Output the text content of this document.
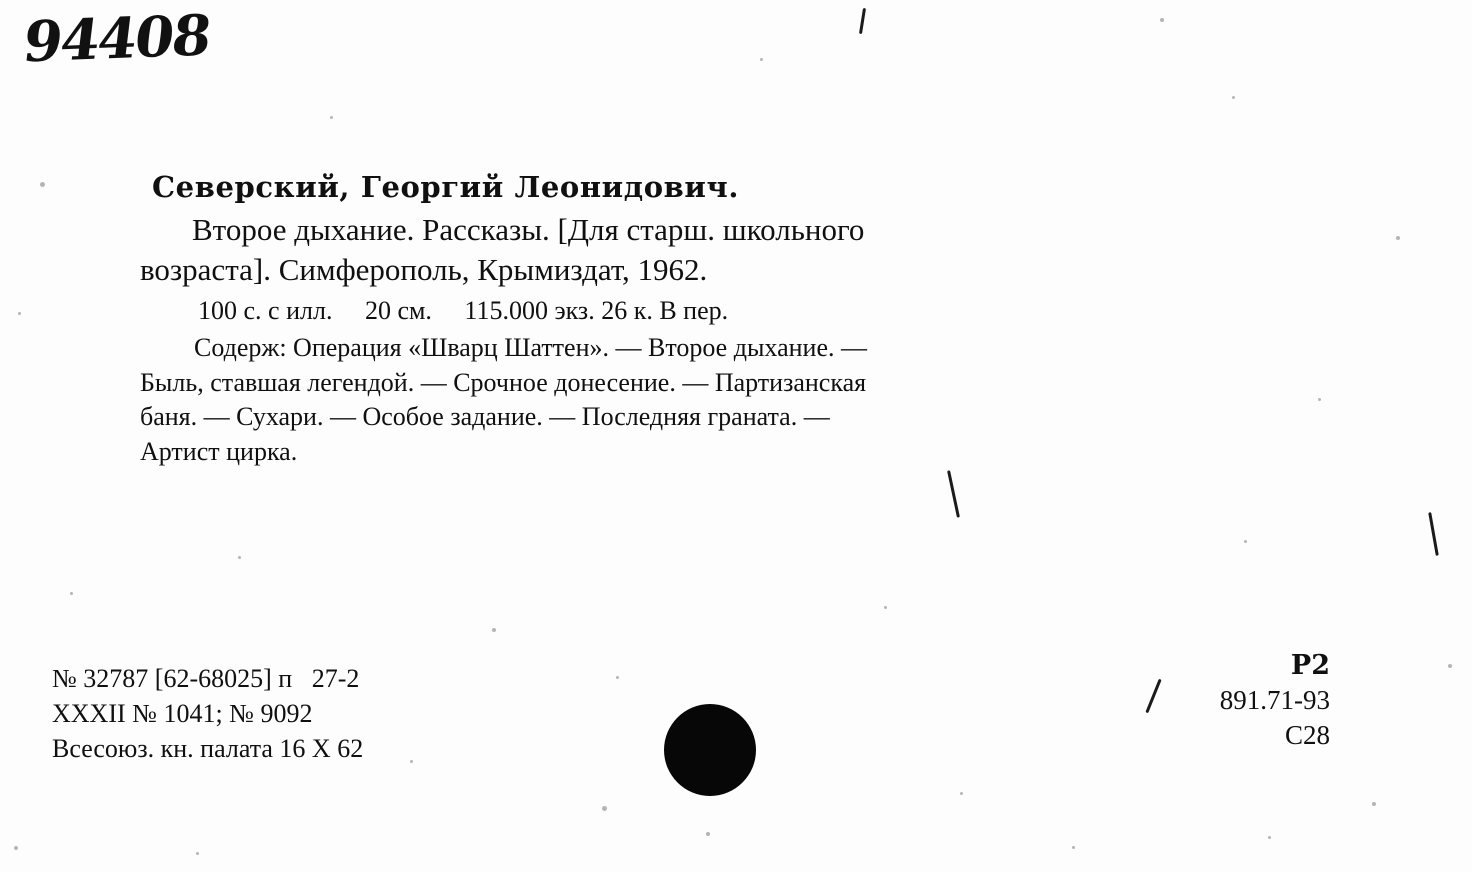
94408
Северский, Георгий Леонидович.
Второе дыхание. Рассказы. [Для старш. школьного
возраста]. Симферополь, Крымиздат, 1962.
100 с. с илл.     20 см.     115.000 экз. 26 к. В пер.
Содерж: Операция «Шварц Шаттен». — Второе дыхание. —
Быль, ставшая легендой. — Срочное донесение. — Партизанская
баня. — Сухари. — Особое задание. — Последняя граната. —
Артист цирка.
№ 32787 [62-68025] п   27-2
XXXII № 1041; № 9092
Всесоюз. кн. палата 16 X 62
Р2
891.71-93
С28
